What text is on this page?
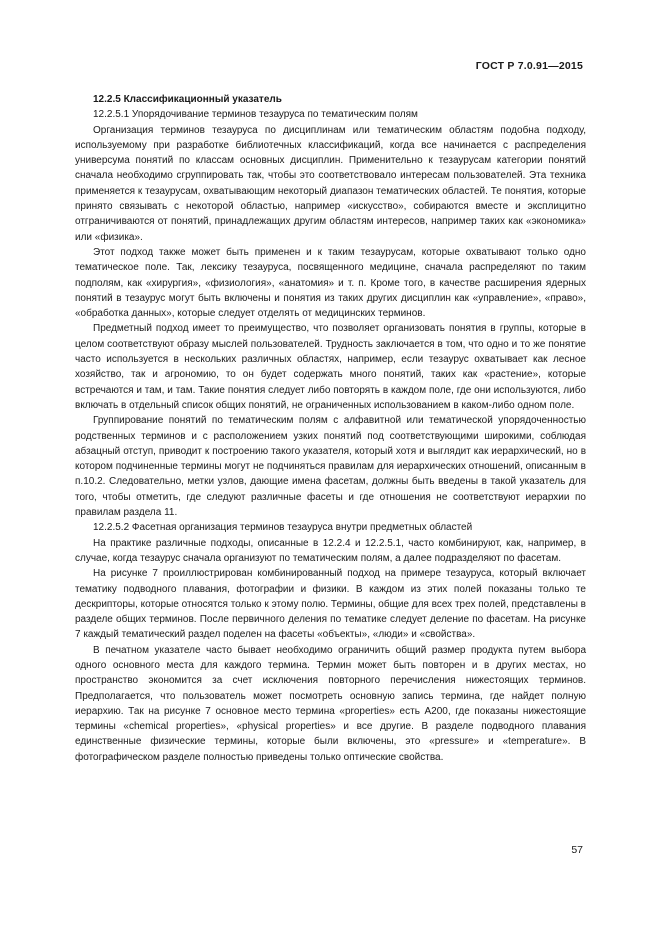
ГОСТ Р 7.0.91—2015

12.2.5 Классификационный указатель

12.2.5.1 Упорядочивание терминов тезауруса по тематическим полям

Организация терминов тезауруса по дисциплинам или тематическим областям подобна подходу, используемому при разработке библиотечных классификаций, когда все начинается с распределения универсума понятий по классам основных дисциплин. Применительно к тезаурусам категории понятий сначала необходимо сгруппировать так, чтобы это соответствовало интересам пользователей. Эта техника применяется к тезаурусам, охватывающим некоторый диапазон тематических областей. Те понятия, которые принято связывать с некоторой областью, например «искусство», собираются вместе и эксплицитно отграничиваются от понятий, принадлежащих другим областям интересов, например таких как «экономика» или «физика».

Этот подход также может быть применен и к таким тезаурусам, которые охватывают только одно тематическое поле. Так, лексику тезауруса, посвященного медицине, сначала распределяют по таким подполям, как «хирургия», «физиология», «анатомия» и т. п. Кроме того, в качестве расширения ядерных понятий в тезаурус могут быть включены и понятия из таких других дисциплин как «управление», «право», «обработка данных», которые следует отделять от медицинских терминов.

Предметный подход имеет то преимущество, что позволяет организовать понятия в группы, которые в целом соответствуют образу мыслей пользователей. Трудность заключается в том, что одно и то же понятие часто используется в нескольких различных областях, например, если тезаурус охватывает как лесное хозяйство, так и агрономию, то он будет содержать много понятий, таких как «растение», которые встречаются и там, и там. Такие понятия следует либо повторять в каждом поле, где они используются, либо включать в отдельный список общих понятий, не ограниченных использованием в каком-либо одном поле.

Группирование понятий по тематическим полям с алфавитной или тематической упорядоченностью родственных терминов и с расположением узких понятий под соответствующими широкими, соблюдая абзацный отступ, приводит к построению такого указателя, который хотя и выглядит как иерархический, но в котором подчиненные термины могут не подчиняться правилам для иерархических отношений, описанным в п.10.2. Следовательно, метки узлов, дающие имена фасетам, должны быть введены в такой указатель для того, чтобы отметить, где следуют различные фасеты и где отношения не соответствуют иерархии по правилам раздела 11.

12.2.5.2 Фасетная организация терминов тезауруса внутри предметных областей

На практике различные подходы, описанные в 12.2.4 и 12.2.5.1, часто комбинируют, как, например, в случае, когда тезаурус сначала организуют по тематическим полям, а далее подразделяют по фасетам.

На рисунке 7 проиллюстрирован комбинированный подход на примере тезауруса, который включает тематику подводного плавания, фотографии и физики. В каждом из этих полей показаны только те дескрипторы, которые относятся только к этому полю. Термины, общие для всех трех полей, представлены в разделе общих терминов. После первичного деления по тематике следует деление по фасетам. На рисунке 7 каждый тематический раздел поделен на фасеты «объекты», «люди» и «свойства».

В печатном указателе часто бывает необходимо ограничить общий размер продукта путем выбора одного основного места для каждого термина. Термин может быть повторен и в других местах, но пространство экономится за счет исключения повторного перечисления нижестоящих терминов. Предполагается, что пользователь может посмотреть основную запись термина, где найдет полную иерархию. Так на рисунке 7 основное место термина «properties» есть A200, где показаны нижестоящие термины «chemical properties», «physical properties» и все другие. В разделе подводного плавания единственные физические термины, которые были включены, это «pressure» и «temperature». В фотографическом разделе полностью приведены только оптические свойства.

57
